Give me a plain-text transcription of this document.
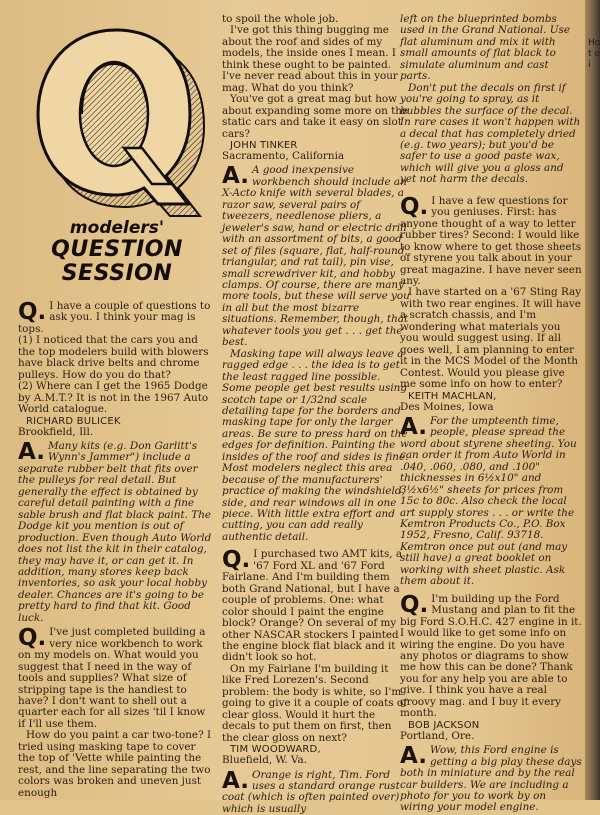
modelers'
QUESTION
SESSION
Q. I have a couple of questions to ask you. I think your mag is tops.

(1) I noticed that the cars you and the top modelers build with blowers have black drive belts and chrome pulleys. How do you do that?

(2) Where can I get the 1965 Dodge by A.M.T.? It is not in the 1967 Auto World catalogue.

RICHARD BULICEK

Brookfield, Ill.

A. Many kits (e.g. Don Garlitt's Wynn's Jammer") include a separate rubber belt that fits over the pulleys for real detail. But generally the effect is obtained by careful detail painting with a fine sable brush and flat black paint. The Dodge kit you mention is out of production. Even though Auto World does not list the kit in their catalog, they may have it, or can get it. In addition, many stores keep back inventories, so ask your local hobby dealer. Chances are it's going to be pretty hard to find that kit. Good luck.

Q. I've just completed building a very nice workbench to work on my models on. What would you suggest that I need in the way of tools and supplies? What size of stripping tape is the handiest to have? I don't want to shell out a quarter each for all sizes 'til I know if I'll use them.

How do you paint a car two-tone? I tried using masking tape to cover the top of 'Vette while painting the rest, and the line separating the two colors was broken and uneven just enough

to spoil the whole job.

I've got this thing bugging me about the roof and sides of my models, the inside ones I mean. I think these ought to be painted. I've never read about this in your mag. What do you think?

You've got a great mag but how about expanding some more on the static cars and take it easy on slot cars?

JOHN TINKER

Sacramento, California

A. A good inexpensive workbench should include an X-Acto knife with several blades, a razor saw, several pairs of tweezers, needlenose pliers, a jeweler's saw, hand or electric drill with an assortment of bits, a good set of files (square, flat, half-round, triangular, and rat tail), pin vise, small screwdriver kit, and hobby clamps. Of course, there are many more tools, but these will serve you in all but the most bizarre situations. Remember, though, that whatever tools you get . . . get the best.

Masking tape will always leave a ragged edge . . . the idea is to get the least ragged line possible. Some people get best results using scotch tape or 1/32nd scale detailing tape for the borders and masking tape for only the larger areas. Be sure to press hard on the edges for definition. Painting the insides of the roof and sides is fine. Most modelers neglect this area because of the manufacturers' practice of making the windshield, side, and rear windows all in one piece. With little extra effort and cutting, you can add really authentic detail.

Q. I purchased two AMT kits, a '67 Ford XL and '67 Ford Fairlane. And I'm building them both Grand National, but I have a couple of problems. One: what color should I paint the engine block? Orange? On several of my other NASCAR stockers I painted the engine block flat black and it didn't look so hot.

On my Fairlane I'm building it like Fred Lorezen's. Second problem: the body is white, so I'm going to give it a couple of coats of clear gloss. Would it hurt the decals to put them on first, then the clear gloss on next?

TIM WOODWARD,

Bluefield, W. Va.

A. Orange is right, Tim. Ford uses a standard orange rust coat (which is often painted over) which is usually

left on the blueprinted bombs used in the Grand National. Use flat aluminum and mix it with small amounts of flat black to simulate aluminum and cast parts.

Don't put the decals on first if you're going to spray, as it bubbles the surface of the decal. In rare cases it won't happen with a decal that has completely dried (e.g. two years); but you'd be safer to use a good paste wax, which will give you a gloss and yet not harm the decals.

Q. I have a few questions for you geniuses. First: has anyone thought of a way to letter rubber tires? Second: I would like to know where to get those sheets of styrene you talk about in your great magazine. I have never seen any.

I have started on a '67 Sting Ray with two rear engines. It will have a scratch chassis, and I'm wondering what materials you you would suggest using. If all goes well, I am planning to enter it in the MCS Model of the Month Contest. Would you please give me some info on how to enter?

KEITH MACHLAN,

Des Moines, Iowa

A. For the umpteenth time, people, please spread the word about styrene sheeting. You can order it from Auto World in .040, .060, .080, and .100" thicknesses in 6½x10" and 3½x6½" sheets for prices from 15c to 80c. Also check the local art supply stores . . . or write the Kemtron Products Co., P.O. Box 1952, Fresno, Calif. 93718. Kemtron once put out (and may still have) a great booklet on working with sheet plastic. Ask them about it.

Q. I'm building up the Ford Mustang and plan to fit the big Ford S.O.H.C. 427 engine in it. I would like to get some info on wiring the engine. Do you have any photos or diagrams to show me how this can be done? Thank you for any help you are able to give. I think you have a real groovy mag. and I buy it every month.

BOB JACKSON

Portland, Ore.

A. Wow, this Ford engine is getting a big play these days both in miniature and by the real car builders. We are including a photo for you to work by on wiring your model engine.

Ho t o i
